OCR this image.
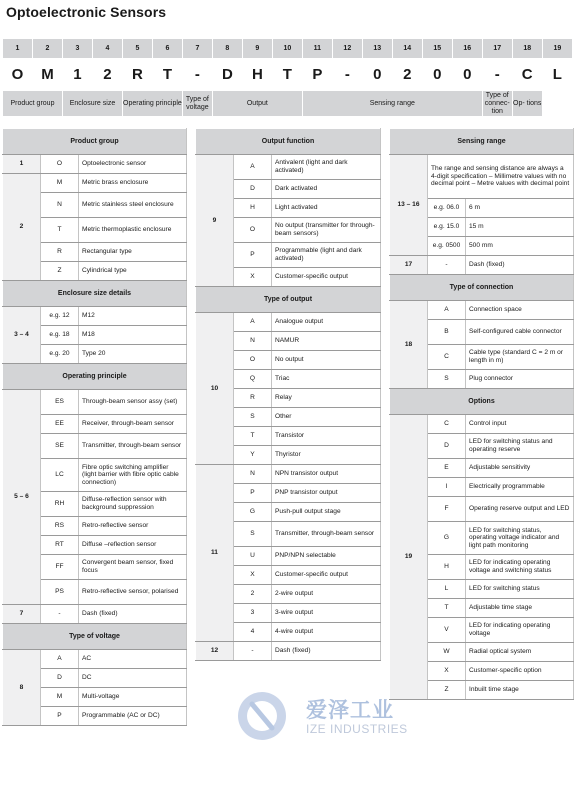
Optoelectronic Sensors
1	2	3	4	5	6	7	8	9	10	11	12	13	14	15	16	17	18	19
O	M	1	2	R	T	-	D	H	T	P	-	0	2	0	0	-	C	L
Product group		Enclosure size		Operating principle		Type of voltage	Output			Sensing range						Type of connec- tion	Op- tions	
Product group		
1	O	Optoelectronic sensor
2	M	Metric brass enclosure
	N	Metric stainless steel enclosure
	T	Metric thermoplastic enclosure
	R	Rectangular type
	Z	Cylindrical type
Enclosure size details		
3 – 4	e.g. 12	M12
	e.g. 18	M18
	e.g. 20	Type 20
Operating principle		
5 – 6	ES	Through-beam sensor assy (set)
	EE	Receiver, through-beam sensor
	SE	Transmitter, through-beam sensor
	LC	Fibre optic switching amplifier (light barrier with fibre optic cable connection)
	RH	Diffuse-reflection sensor with background suppression
	RS	Retro-reflective sensor
	RT	Diffuse –reflection sensor
	FF	Convergent beam sensor, fixed focus
	PS	Retro-reflective sensor, polarised
7	-	Dash (fixed)
Type of voltage		
8	A	AC
	D	DC
	M	Multi-voltage
	P	Programmable (AC or DC)
Output function		
9	A	Antivalent (light and dark activated)
	D	Dark activated
	H	Light activated
	O	No output (transmitter for through-beam sensors)
	P	Programmable (light and dark activated)
	X	Customer-specific output
Type of output		
10	A	Analogue output
	N	NAMUR
	O	No output
	Q	Triac
	R	Relay
	S	Other
	T	Transistor
	Y	Thyristor
11	N	NPN transistor output
	P	PNP transistor output
	G	Push-pull output stage
	S	Transmitter, through-beam sensor
	U	PNP/NPN selectable
	X	Customer-specific output
	2	2-wire output
	3	3-wire output
	4	4-wire output
12	-	Dash (fixed)
Sensing range		
13 – 16	The range and sensing distance are always a 4-digit specification – Millimetre values with no decimal point – Metre values with decimal point	
	e.g. 06.0	6 m
	e.g. 15.0	15 m
	e.g. 0500	500 mm
17	-	Dash (fixed)
Type of connection		
18	A	Connection space
	B	Self-configured cable connector
	C	Cable type (standard C = 2 m or length in m)
	S	Plug connector
Options		
19	C	Control input
	D	LED for switching status and operating reserve
	E	Adjustable sensitivity
	I	Electrically programmable
	F	Operating reserve output and LED
	G	LED for switching status, operating voltage indicator and light path monitoring
	H	LED for indicating operating voltage and switching status
	L	LED for switching status
	T	Adjustable time stage
	V	LED for indicating operating voltage
	W	Radial optical system
	X	Customer-specific option
	Z	Inbuilt time stage
爱泽工业
IZE INDUSTRIES
